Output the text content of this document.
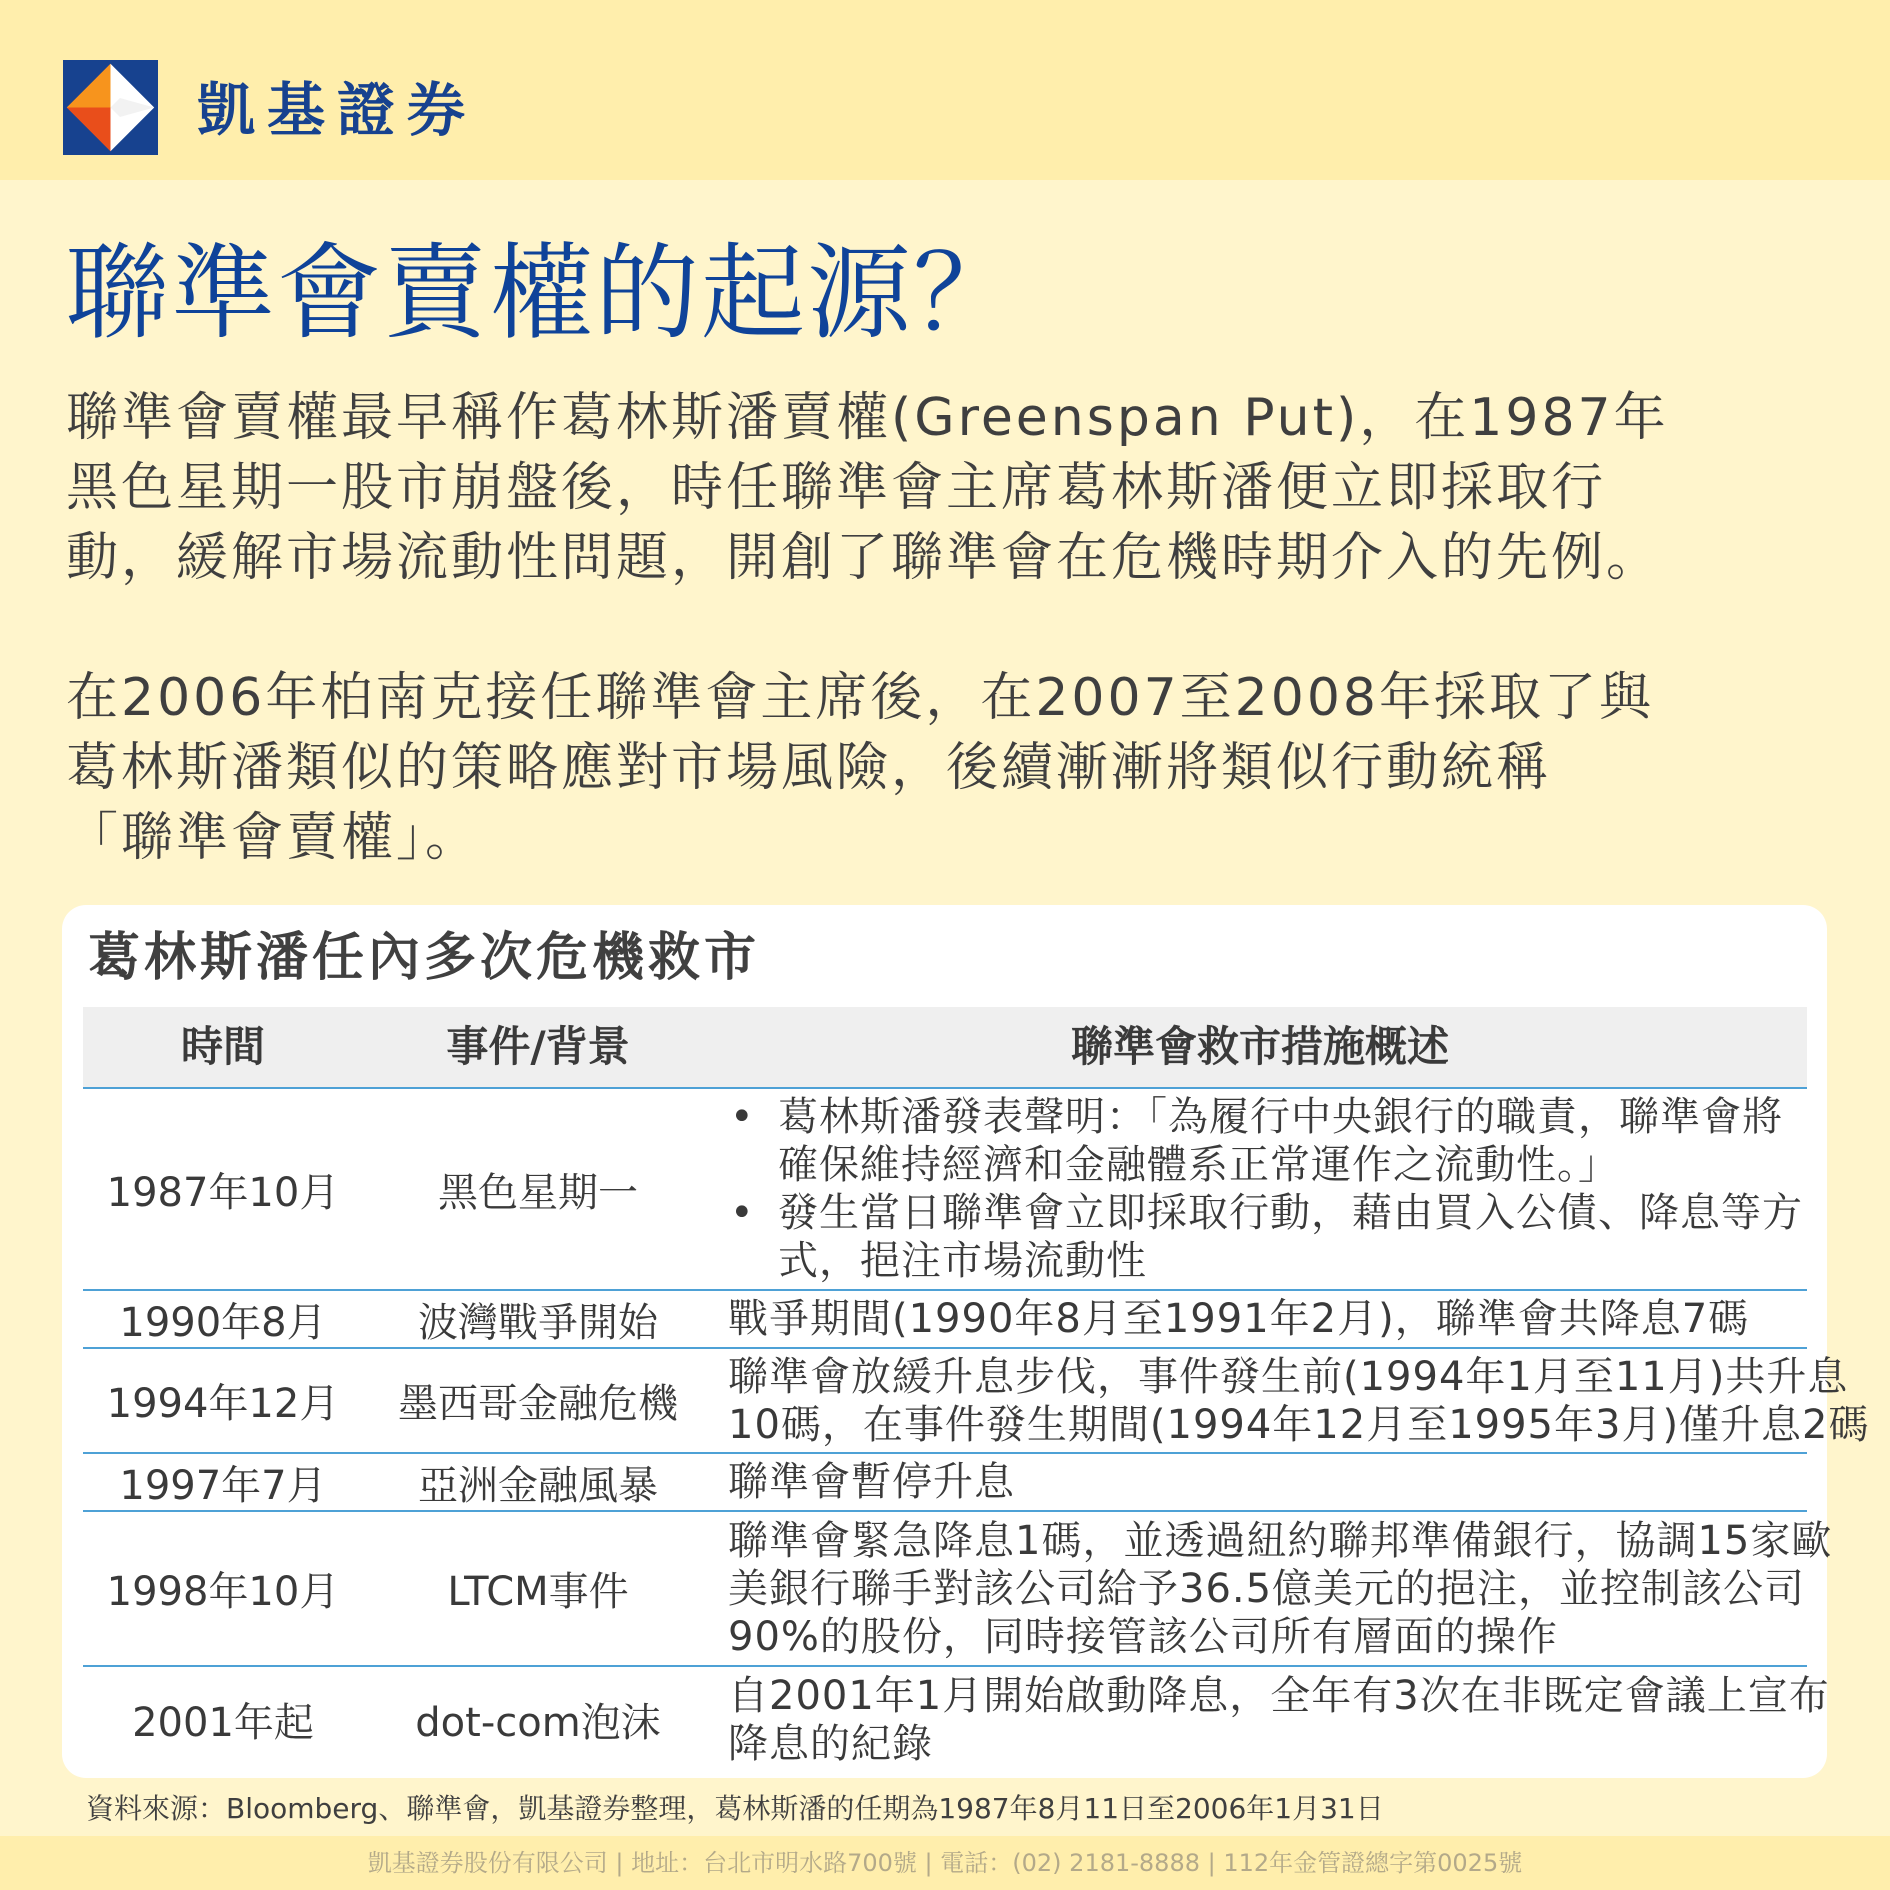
凱基證券
聯準會賣權的起源？
聯準會賣權最早稱作葛林斯潘賣權(Greenspan Put)，在1987年
黑色星期一股市崩盤後，時任聯準會主席葛林斯潘便立即採取行
動，緩解市場流動性問題，開創了聯準會在危機時期介入的先例。
在2006年柏南克接任聯準會主席後，在2007至2008年採取了與
葛林斯潘類似的策略應對市場風險，後續漸漸將類似行動統稱
「聯準會賣權」。
葛林斯潘任內多次危機救市
時間	事件/背景	聯準會救市措施概述
1987年10月	黑色星期一
• 葛林斯潘發表聲明：「為履行中央銀行的職責，聯準會將
確保維持經濟和金融體系正常運作之流動性。」
• 發生當日聯準會立即採取行動，藉由買入公債、降息等方
式，挹注市場流動性
1990年8月	波灣戰爭開始	戰爭期間(1990年8月至1991年2月)，聯準會共降息7碼
1994年12月	墨西哥金融危機
聯準會放緩升息步伐，事件發生前(1994年1月至11月)共升息
10碼，在事件發生期間(1994年12月至1995年3月)僅升息2碼
1997年7月	亞洲金融風暴	聯準會暫停升息
1998年10月	LTCM事件
聯準會緊急降息1碼，並透過紐約聯邦準備銀行，協調15家歐
美銀行聯手對該公司給予36.5億美元的挹注，並控制該公司
90%的股份，同時接管該公司所有層面的操作
2001年起	dot-com泡沫
自2001年1月開始啟動降息，全年有3次在非既定會議上宣布
降息的紀錄
資料來源：Bloomberg、聯準會，凱基證券整理，葛林斯潘的任期為1987年8月11日至2006年1月31日
凱基證券股份有限公司 | 地址：台北市明水路700號 | 電話：(02) 2181-8888 | 112年金管證總字第0025號
